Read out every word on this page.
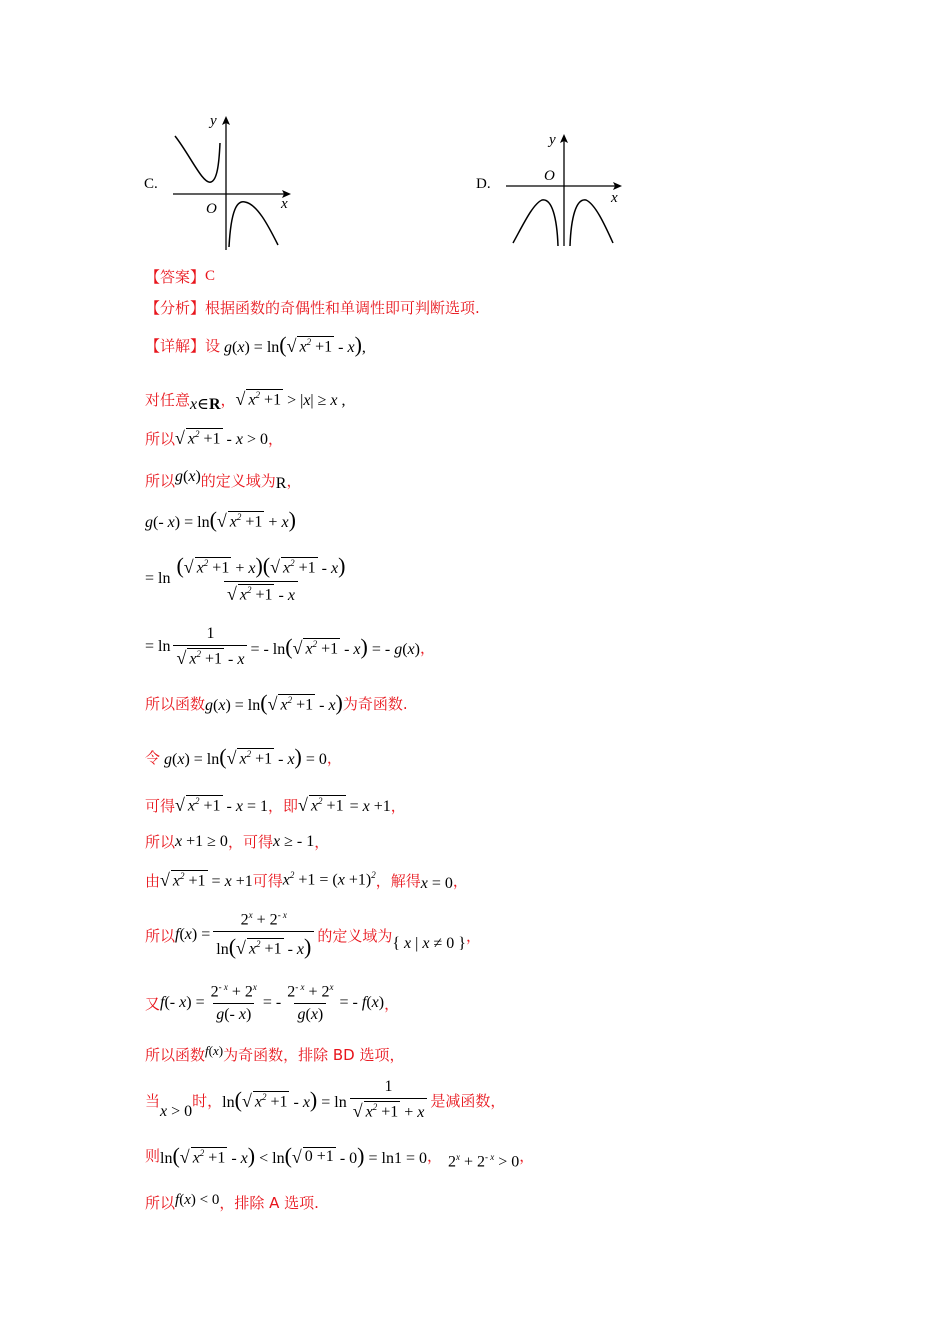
C.
y
x
O
D.
y
x
O
【答案】 C
【分析】 根据函数的奇偶性和单调性即可判断选项.
【详解】 设 g(x) = ln( √ $x^2 +1 - x$),
对任意 x∈R ， √ $x^2 +1 > |x| \ge x$ ,
所以 √ $x^2 +1 - x > 0$ ，
所以 g(x) 的定义域为 R ，
g(- x) = ln( √ $x^2 +1 + x$)
= $\ln \frac{( √ x^2 +1 + x)( √ x^2 +1 - x)}{√ x^2 +1 - x}$
= $\ln \frac{1}{√ x^2 +1 - x}$ = - ln( √ $x^2 +1 - x$) = - g(x) ，
所以函数 g(x) = ln( √ $x^2 +1 - x$) 为奇函数.
令 g(x) = ln( √ $x^2 +1 - x) = 0$ ，
可得 √ $x^2 +1 - x = 1$ ， 即 √ $x^2 +1 = x +1$ ，
所以 x +1 ≥ 0 ， 可得 x ≥ - 1 ，
由 √ $x^2 +1 = x +1$ 可得 $x^2 +1 = (x +1)^2$ ， 解得 x = 0 ，
所以 $f(x) = \frac{2^x + 2^{- x}}{\ln( √ x^2 +1 - x)}$ 的定义域为 { x | x ≠ 0 } ，
又 f(- $x) = \frac{2^{- x} + 2^x}{g(- x)}$ = - $\frac{2^{- x} + 2^x}{g(x)}$ = - f(x) ，
所以函数 f(x) 为奇函数，排除 BD 选项，
当
x > 0
时， ln( √ $x^2 +1 - x) = \ln \frac{1}{√ x^2 +1 + x}$ 是减函数，
则 ln( √ $x^2 +1 - x) < \ln$( √ 0 +1 - 0) = ln1 = 0 ， $2^x + 2^{- x} > 0$ ，
所以 f(x) < 0 ，排除 A 选项.
